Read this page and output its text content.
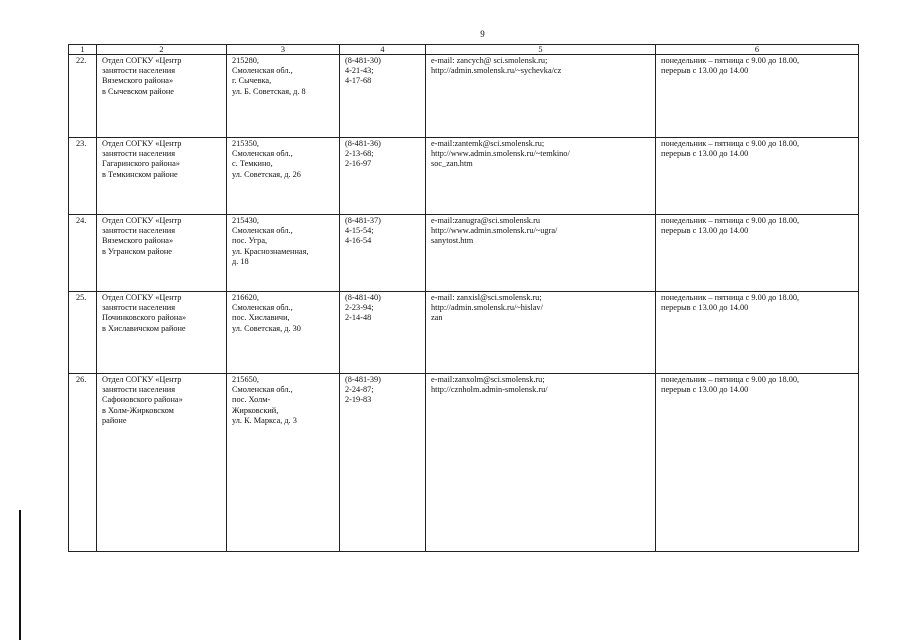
9
1	2	3	4	5	6
22.	Отдел СОГКУ «Центр
занятости населения
Вяземского района»
в Сычевском районе	215280,
Смоленская обл.,
г. Сычевка,
ул. Б. Советская, д. 8	(8-481-30)
4-21-43;
4-17-68	e-mail: zancych@ sci.smolensk.ru;
http://admin.smolensk.ru/~sychevka/cz	понедельник – пятница с 9.00 до 18.00,
перерыв с 13.00 до 14.00
23.	Отдел СОГКУ «Центр
занятости населения
Гагаринского района»
в Темкинском районе	215350,
Смоленская обл.,
с. Темкино,
ул. Советская, д. 26	(8-481-36)
2-13-68;
2-16-97	e-mail:zantemk@sci.smolensk.ru;
http://www.admin.smolensk.ru/~temkino/
soc_zan.htm	понедельник – пятница с 9.00 до 18.00,
перерыв с 13.00 до 14.00
24.	Отдел СОГКУ «Центр
занятости населения
Вяземского района»
в Угранском районе	215430,
Смоленская обл.,
пос. Угра,
ул. Краснознаменная,
д. 18	(8-481-37)
4-15-54;
4-16-54	e-mail:zanugra@sci.smolensk.ru
http://www.admin.smolensk.ru/~ugra/
sanytost.htm	понедельник – пятница с 9.00 до 18.00,
перерыв с 13.00 до 14.00
25.	Отдел СОГКУ «Центр
занятости населения
Починковского района»
в Хиславичском районе	216620,
Смоленская обл.,
пос. Хиславичи,
ул. Советская, д. 30	(8-481-40)
2-23-94;
2-14-48	e-mail: zanxisl@sci.smolensk.ru;
http://admin.smolensk.ru/~hislav/
zan	понедельник – пятница с 9.00 до 18.00,
перерыв с 13.00 до 14.00
26.	Отдел СОГКУ «Центр
занятости населения
Сафоновского района»
в Холм-Жирковском
районе	215650,
Смоленская обл.,
пос. Холм-
Жирковский,
ул. К. Маркса, д. 3	(8-481-39)
2-24-87;
2-19-83	e-mail:zanxolm@sci.smolensk.ru;
http://cznholm.admin-smolensk.ru/	понедельник – пятница с 9.00 до 18.00,
перерыв с 13.00 до 14.00
